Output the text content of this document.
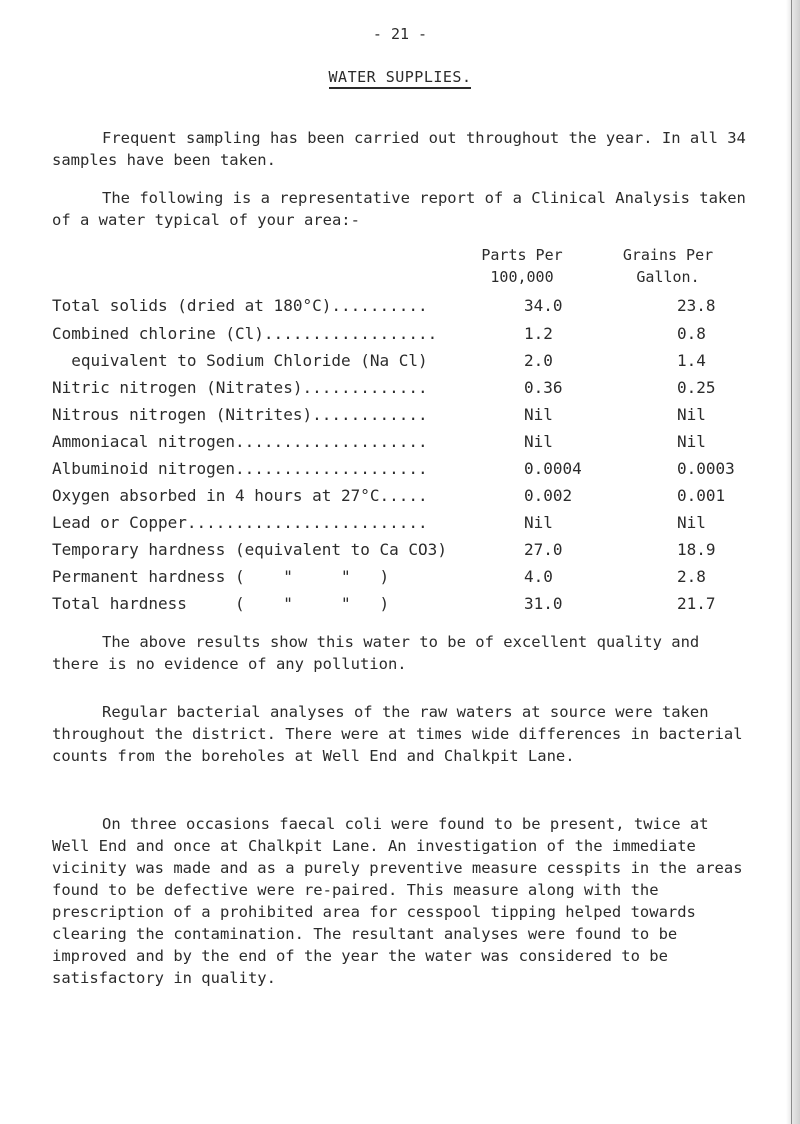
- 21 -
WATER SUPPLIES.
Frequent sampling has been carried out throughout the year. In all 34 samples have been taken.
The following is a representative report of a Clinical Analysis taken of a water typical of your area:-
Parts Per
100,000
Grains Per
Gallon.
Total solids (dried at 180°C)..........	34.0	23.8
Combined chlorine (Cl)..................	1.2	0.8
equivalent to Sodium Chloride (Na Cl)	2.0	1.4
Nitric nitrogen (Nitrates).............	0.36	0.25
Nitrous nitrogen (Nitrites)............	Nil	Nil
Ammoniacal nitrogen....................	Nil	Nil
Albuminoid nitrogen....................	0.0004	0.0003
Oxygen absorbed in 4 hours at 27°C.....	0.002	0.001
Lead or Copper.........................	Nil	Nil
Temporary hardness (equivalent to Ca CO3)	27.0	18.9
Permanent hardness (    "     "   )	4.0	2.8
Total hardness     (    "     "   )	31.0	21.7
The above results show this water to be of excellent quality and there is no evidence of any pollution.
Regular bacterial analyses of the raw waters at source were taken throughout the district. There were at times wide differences in bacterial counts from the boreholes at Well End and Chalkpit Lane.
On three occasions faecal coli were found to be present, twice at Well End and once at Chalkpit Lane. An investigation of the immediate vicinity was made and as a purely preventive measure cesspits in the areas found to be defective were re-paired. This measure along with the prescription of a prohibited area for cesspool tipping helped towards clearing the contamination. The resultant analyses were found to be improved and by the end of the year the water was considered to be satisfactory in quality.
